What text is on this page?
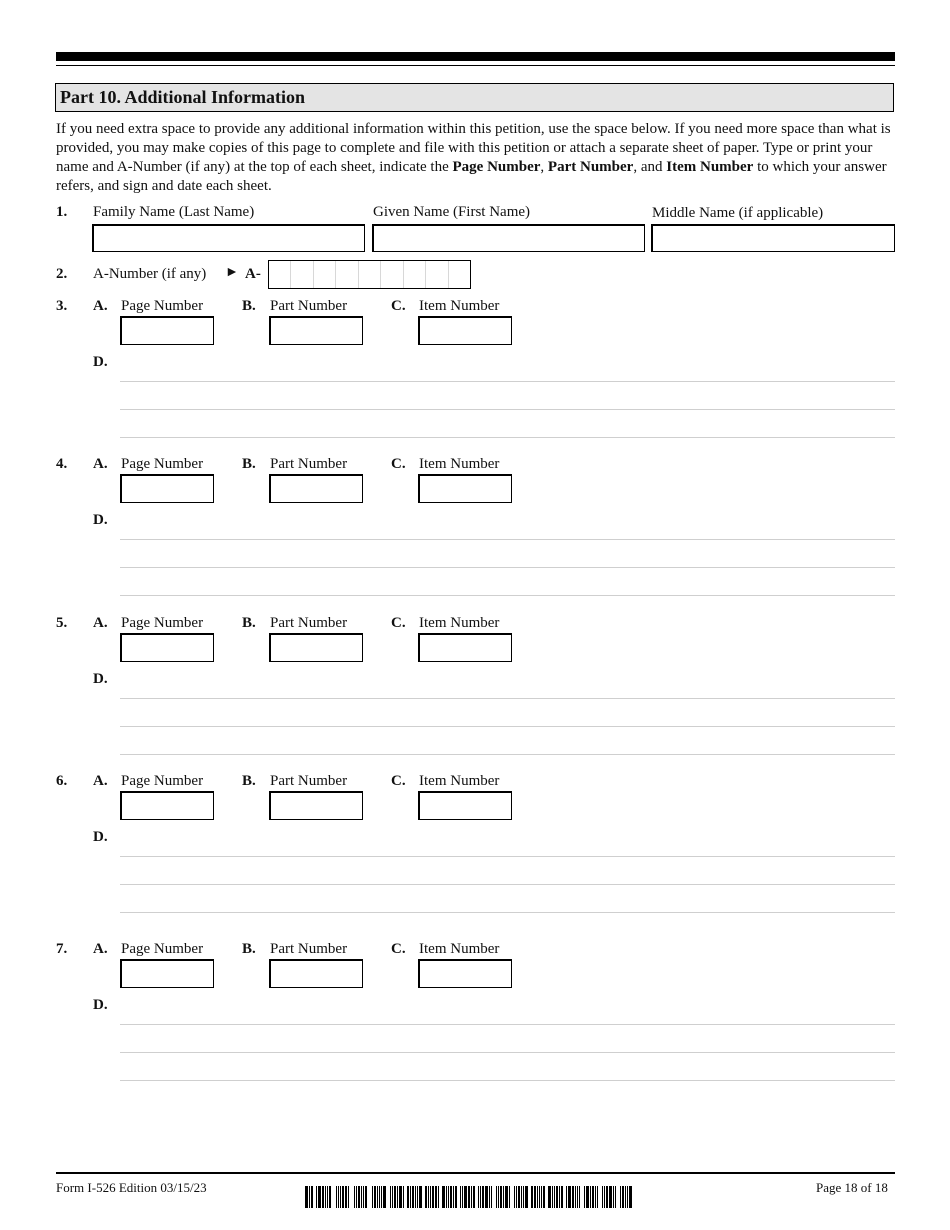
Part 10. Additional Information
If you need extra space to provide any additional information within this petition, use the space below. If you need more space than what is provided, you may make copies of this page to complete and file with this petition or attach a separate sheet of paper. Type or print your name and A-Number (if any) at the top of each sheet, indicate the Page Number, Part Number, and Item Number to which your answer refers, and sign and date each sheet.
1. Family Name (Last Name)	Given Name (First Name)	Middle Name (if applicable)
2. A-Number (if any) ► A-
3. A. Page Number	B. Part Number	C. Item Number
D.
4. A. Page Number	B. Part Number	C. Item Number
D.
5. A. Page Number	B. Part Number	C. Item Number
D.
6. A. Page Number	B. Part Number	C. Item Number
D.
7. A. Page Number	B. Part Number	C. Item Number
D.
Form I-526 Edition 03/15/23	Page 18 of 18
